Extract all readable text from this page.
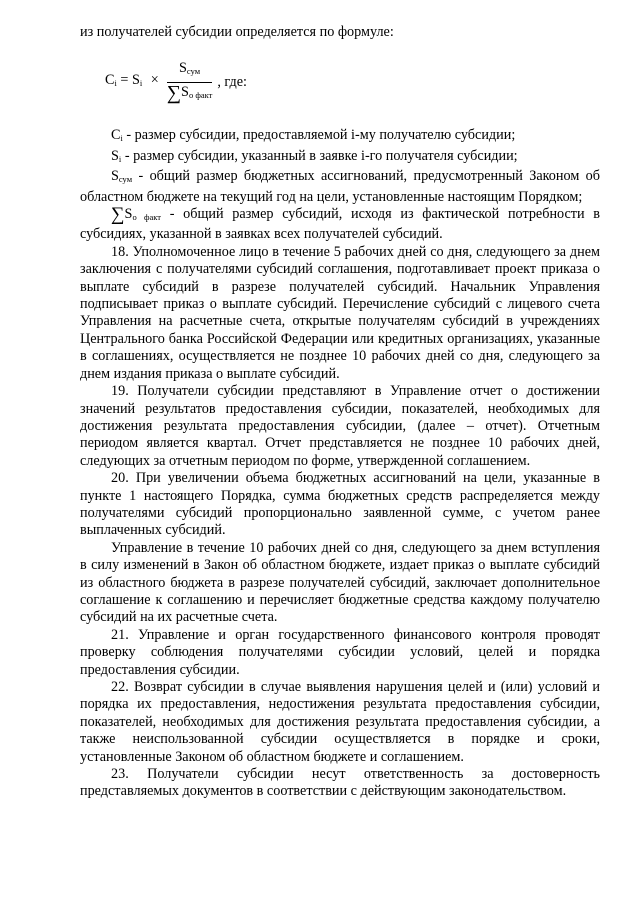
из получателей субсидии определяется по формуле:

$C_i = S_i \times \frac{S_{сум}}{\sum S_{о факт}}$ , где:

$C_i$ - размер субсидии, предоставляемой i-му получателю субсидии;

$S_i$ - размер субсидии, указанный в заявке i-го получателя субсидии;

$S_{сум}$ - общий размер бюджетных ассигнований, предусмотренный Законом об областном бюджете на текущий год на цели, установленные настоящим Порядком;

$\sum S_{о факт}$ - общий размер субсидий, исходя из фактической потребности в субсидиях, указанной в заявках всех получателей субсидий.

18. Уполномоченное лицо в течение 5 рабочих дней со дня, следующего за днем заключения с получателями субсидий соглашения, подготавливает проект приказа о выплате субсидий в разрезе получателей субсидий. Начальник Управления подписывает приказ о выплате субсидий. Перечисление субсидий с лицевого счета Управления на расчетные счета, открытые получателям субсидий в учреждениях Центрального банка Российской Федерации или кредитных организациях, указанные в соглашениях, осуществляется не позднее 10 рабочих дней со дня, следующего за днем издания приказа о выплате субсидий.

19. Получатели субсидии представляют в Управление отчет о достижении значений результатов предоставления субсидии, показателей, необходимых для достижения результата предоставления субсидии, (далее – отчет). Отчетным периодом является квартал. Отчет представляется не позднее 10 рабочих дней, следующих за отчетным периодом по форме, утвержденной соглашением.

20. При увеличении объема бюджетных ассигнований на цели, указанные в пункте 1 настоящего Порядка, сумма бюджетных средств распределяется между получателями субсидий пропорционально заявленной сумме, с учетом ранее выплаченных субсидий.

Управление в течение 10 рабочих дней со дня, следующего за днем вступления в силу изменений в Закон об областном бюджете, издает приказ о выплате субсидий из областного бюджета в разрезе получателей субсидий, заключает дополнительное соглашение к соглашению и перечисляет бюджетные средства каждому получателю субсидий на их расчетные счета.

21. Управление и орган государственного финансового контроля проводят проверку соблюдения получателями субсидии условий, целей и порядка предоставления субсидии.

22. Возврат субсидии в случае выявления нарушения целей и (или) условий и порядка их предоставления, недостижения результата предоставления субсидии, показателей, необходимых для достижения результата предоставления субсидии, а также неиспользованной субсидии осуществляется в порядке и сроки, установленные Законом об областном бюджете и соглашением.

23. Получатели субсидии несут ответственность за достоверность представляемых документов в соответствии с действующим законодательством.
